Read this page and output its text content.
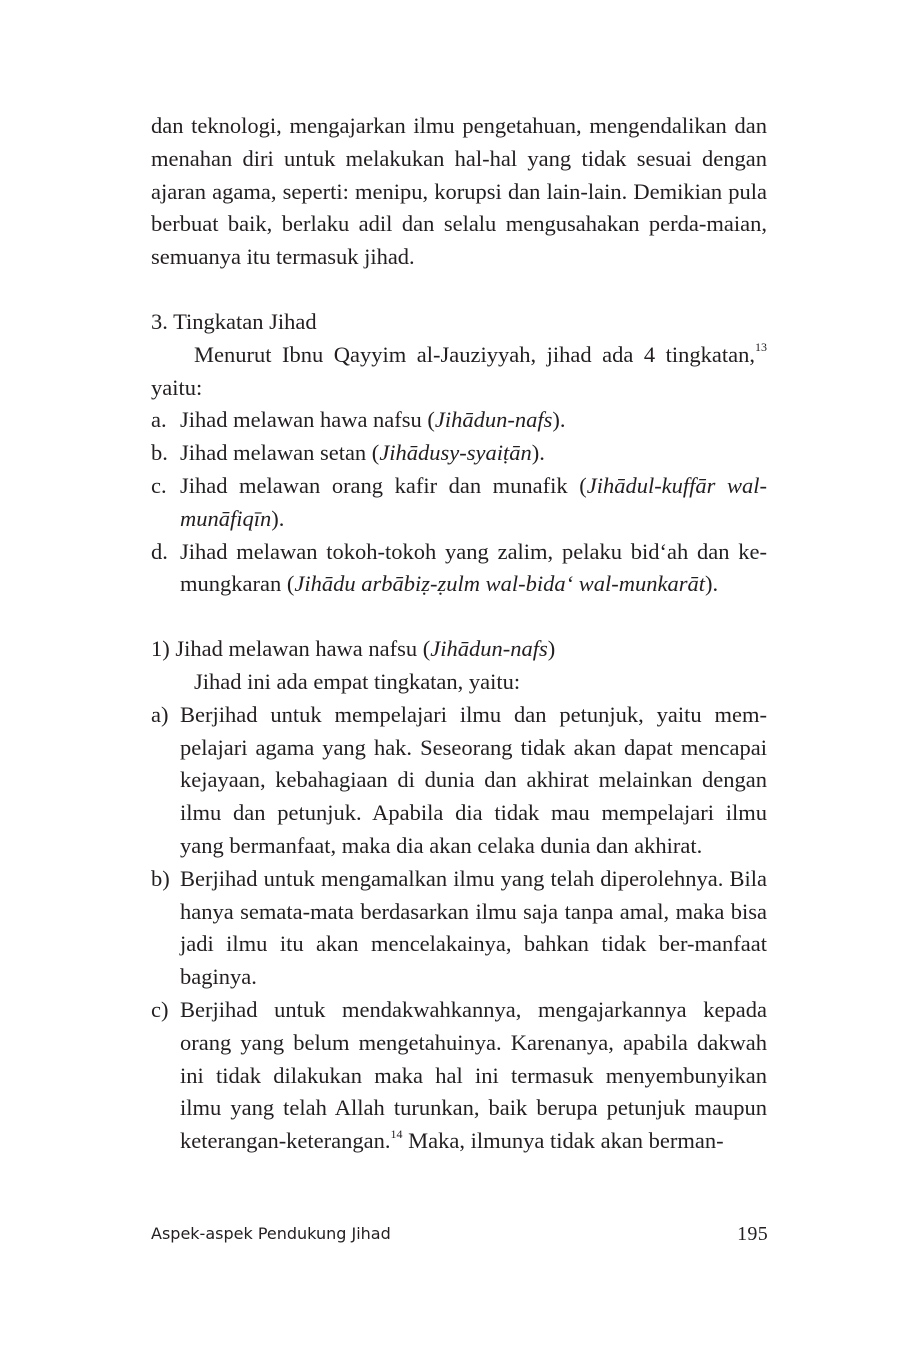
dan teknologi, mengajarkan ilmu pengetahuan, mengendalikan dan menahan diri untuk melakukan hal-hal yang tidak sesuai dengan ajaran agama, seperti: menipu, korupsi dan lain-lain. Demikian pula berbuat baik, berlaku adil dan selalu mengusahakan perda-maian, semuanya itu termasuk jihad.

3. Tingkatan Jihad

Menurut Ibnu Qayyim al-Jauziyyah, jihad ada 4 tingkatan,$^{13}$ yaitu:

a. Jihad melawan hawa nafsu (Jihādun-nafs).
b. Jihad melawan setan (Jihādusy-syaiṭān).
c. Jihad melawan orang kafir dan munafik (Jihādul-kuffār wal-munāfiqīn).
d. Jihad melawan tokoh-tokoh yang zalim, pelaku bid‘ah dan ke-mungkaran (Jihādu arbābiẓ-ẓulm wal-bida‘ wal-munkarāt).

1) Jihad melawan hawa nafsu (Jihādun-nafs)

Jihad ini ada empat tingkatan, yaitu:

a) Berjihad untuk mempelajari ilmu dan petunjuk, yaitu mem-pelajari agama yang hak. Seseorang tidak akan dapat mencapai kejayaan, kebahagiaan di dunia dan akhirat melainkan dengan ilmu dan petunjuk. Apabila dia tidak mau mempelajari ilmu yang bermanfaat, maka dia akan celaka dunia dan akhirat.
b) Berjihad untuk mengamalkan ilmu yang telah diperolehnya. Bila hanya semata-mata berdasarkan ilmu saja tanpa amal, maka bisa jadi ilmu itu akan mencelakainya, bahkan tidak ber-manfaat baginya.
c) Berjihad untuk mendakwahkannya, mengajarkannya kepada orang yang belum mengetahuinya. Karenanya, apabila dakwah ini tidak dilakukan maka hal ini termasuk menyembunyikan ilmu yang telah Allah turunkan, baik berupa petunjuk maupun keterangan-keterangan.$^{14}$ Maka, ilmunya tidak akan berman-
Aspek-aspek Pendukung Jihad	195
